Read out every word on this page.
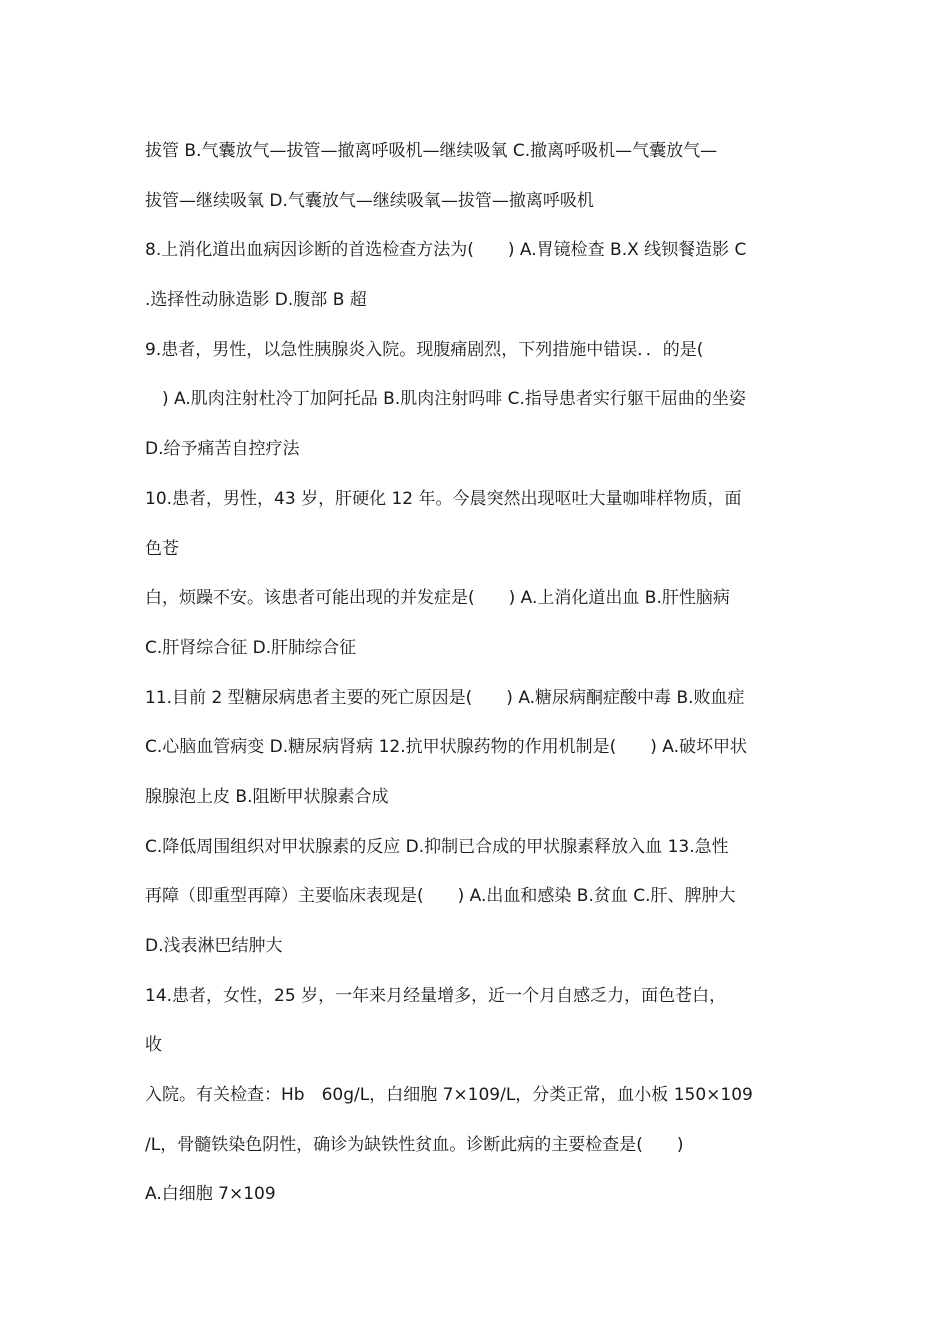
拔管 B.气囊放气—拔管—撤离呼吸机—继续吸氧 C.撤离呼吸机—气囊放气—
拔管—继续吸氧 D.气囊放气—继续吸氧—拔管—撤离呼吸机
8.上消化道出血病因诊断的首选检查方法为(　　) A.胃镜检查 B.X 线钡餐造影 C
.选择性动脉造影 D.腹部 B 超
9.患者，男性，以急性胰腺炎入院。现腹痛剧烈，下列措施中错误．．的是(
　) A.肌肉注射杜冷丁加阿托品 B.肌肉注射吗啡 C.指导患者实行躯干屈曲的坐姿
D.给予痛苦自控疗法
10.患者，男性，43 岁，肝硬化 12 年。今晨突然出现呕吐大量咖啡样物质，面
色苍
白，烦躁不安。该患者可能出现的并发症是(　　) A.上消化道出血 B.肝性脑病
C.肝肾综合征 D.肝肺综合征
11.目前 2 型糖尿病患者主要的死亡原因是(　　) A.糖尿病酮症酸中毒 B.败血症
C.心脑血管病变 D.糖尿病肾病 12.抗甲状腺药物的作用机制是(　　) A.破坏甲状
腺腺泡上皮 B.阻断甲状腺素合成
C.降低周围组织对甲状腺素的反应 D.抑制已合成的甲状腺素释放入血 13.急性
再障（即重型再障）主要临床表现是(　　) A.出血和感染 B.贫血 C.肝、脾肿大
D.浅表淋巴结肿大
14.患者，女性，25 岁，一年来月经量增多，近一个月自感乏力，面色苍白，
收
入院。有关检查：Hb　60g/L，白细胞 7×109/L，分类正常，血小板 150×109
/L，骨髓铁染色阴性，确诊为缺铁性贫血。诊断此病的主要检查是(　　)
A.白细胞 7×109
